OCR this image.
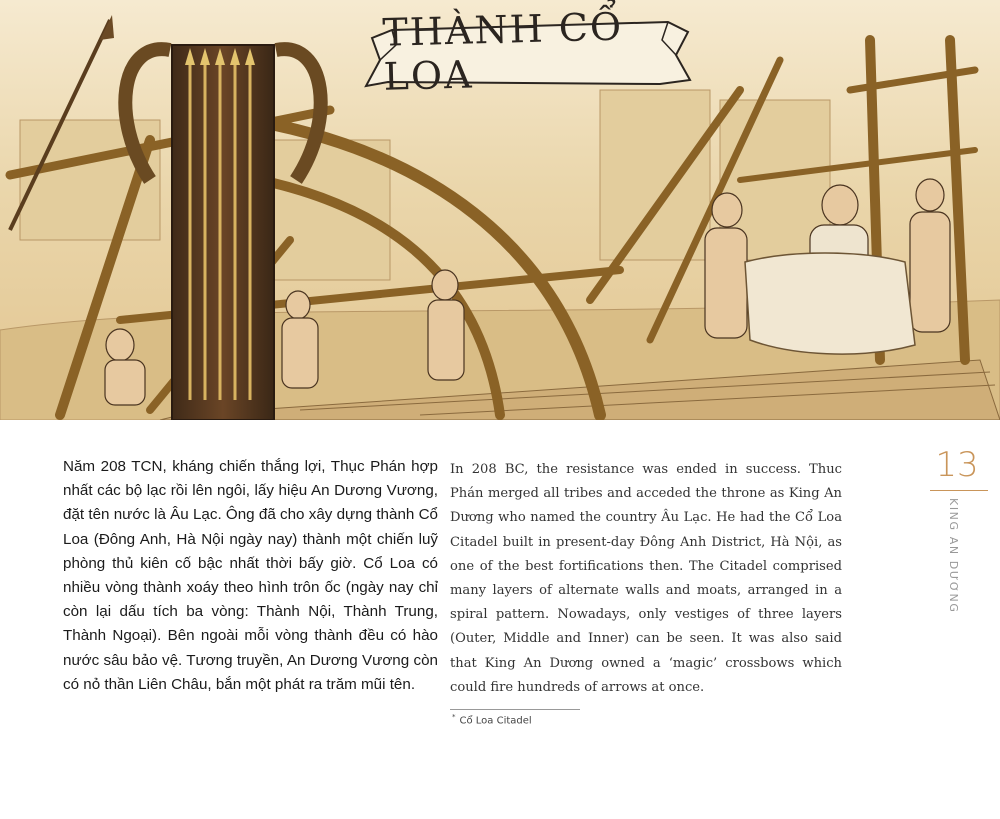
THÀNH CỔ LOA

Năm 208 TCN, kháng chiến thắng lợi, Thục Phán hợp nhất các bộ lạc rồi lên ngôi, lấy hiệu An Dương Vương, đặt tên nước là Âu Lạc. Ông đã cho xây dựng thành Cổ Loa (Đông Anh, Hà Nội ngày nay) thành một chiến luỹ phòng thủ kiên cố bậc nhất thời bấy giờ. Cổ Loa có nhiều vòng thành xoáy theo hình trôn ốc (ngày nay chỉ còn lại dấu tích ba vòng: Thành Nội, Thành Trung, Thành Ngoại). Bên ngoài mỗi vòng thành đều có hào nước sâu bảo vệ. Tương truyền, An Dương Vương còn có nỏ thần Liên Châu, bắn một phát ra trăm mũi tên.

In 208 BC, the resistance was ended in success. Thuc Phán merged all tribes and acceded the throne as King An Dương who named the country Âu Lạc. He had the Cổ Loa Citadel built in present-day Đông Anh District, Hà Nội, as one of the best fortifications then. The Citadel comprised many layers of alternate walls and moats, arranged in a spiral pattern. Nowadays, only vestiges of three layers (Outer, Middle and Inner) can be seen. It was also said that King An Dương owned a ‘magic’ crossbows which could fire hundreds of arrows at once.

13
KING AN DƯƠNG
* Cổ Loa Citadel
